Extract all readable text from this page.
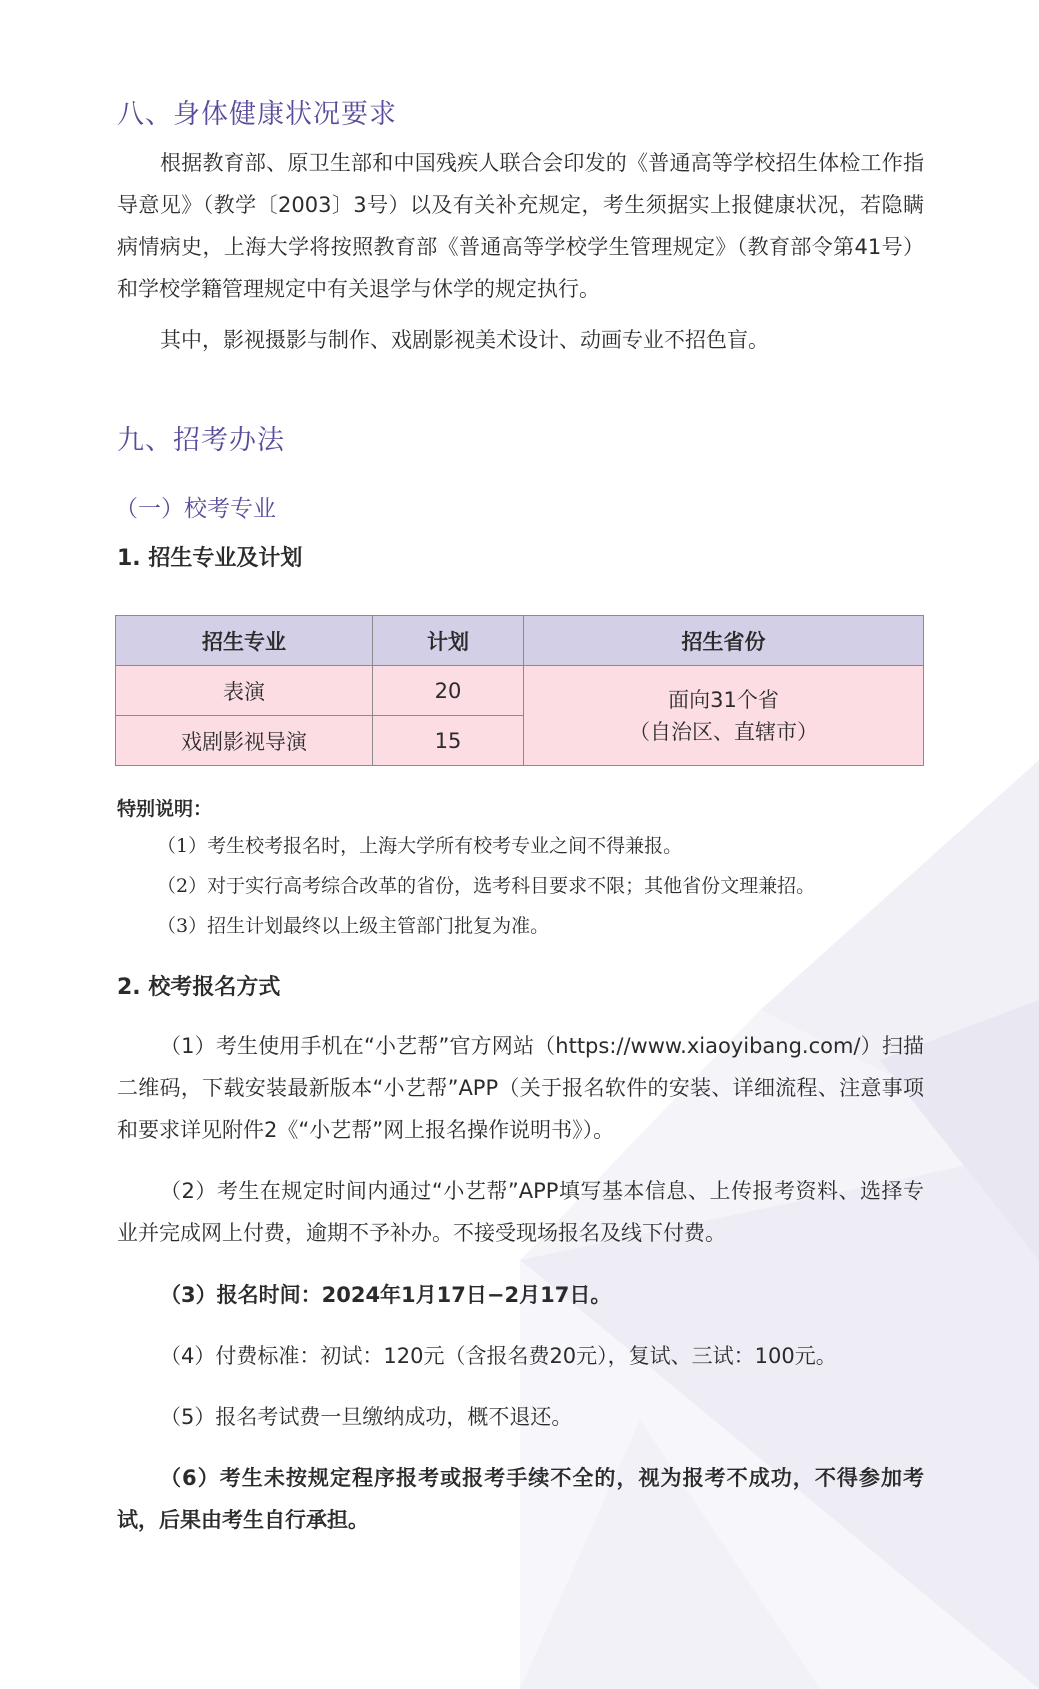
八、身体健康状况要求

根据教育部、原卫生部和中国残疾人联合会印发的《普通高等学校招生体检工作指导意见》（教学〔2003〕3号）以及有关补充规定，考生须据实上报健康状况，若隐瞒病情病史，上海大学将按照教育部《普通高等学校学生管理规定》（教育部令第41号）和学校学籍管理规定中有关退学与休学的规定执行。

其中，影视摄影与制作、戏剧影视美术设计、动画专业不招色盲。

九、招考办法
（一）校考专业
1. 招生专业及计划
招生专业	计划	招生省份
表演	20	面向31个省
（自治区、直辖市）

戏剧影视导演	15	

特别说明：

（1）考生校考报名时，上海大学所有校考专业之间不得兼报。

（2）对于实行高考综合改革的省份，选考科目要求不限；其他省份文理兼招。

（3）招生计划最终以上级主管部门批复为准。

2. 校考报名方式

（1）考生使用手机在“小艺帮”官方网站（https://www.xiaoyibang.com/）扫描二维码，下载安装最新版本“小艺帮”APP（关于报名软件的安装、详细流程、注意事项和要求详见附件2《“小艺帮”网上报名操作说明书》）。

（2）考生在规定时间内通过“小艺帮”APP填写基本信息、上传报考资料、选择专业并完成网上付费，逾期不予补办。不接受现场报名及线下付费。

（3）报名时间：2024年1月17日−2月17日。

（4）付费标准：初试：120元（含报名费20元），复试、三试：100元。

（5）报名考试费一旦缴纳成功，概不退还。

（6）考生未按规定程序报考或报考手续不全的，视为报考不成功，不得参加考试，后果由考生自行承担。
